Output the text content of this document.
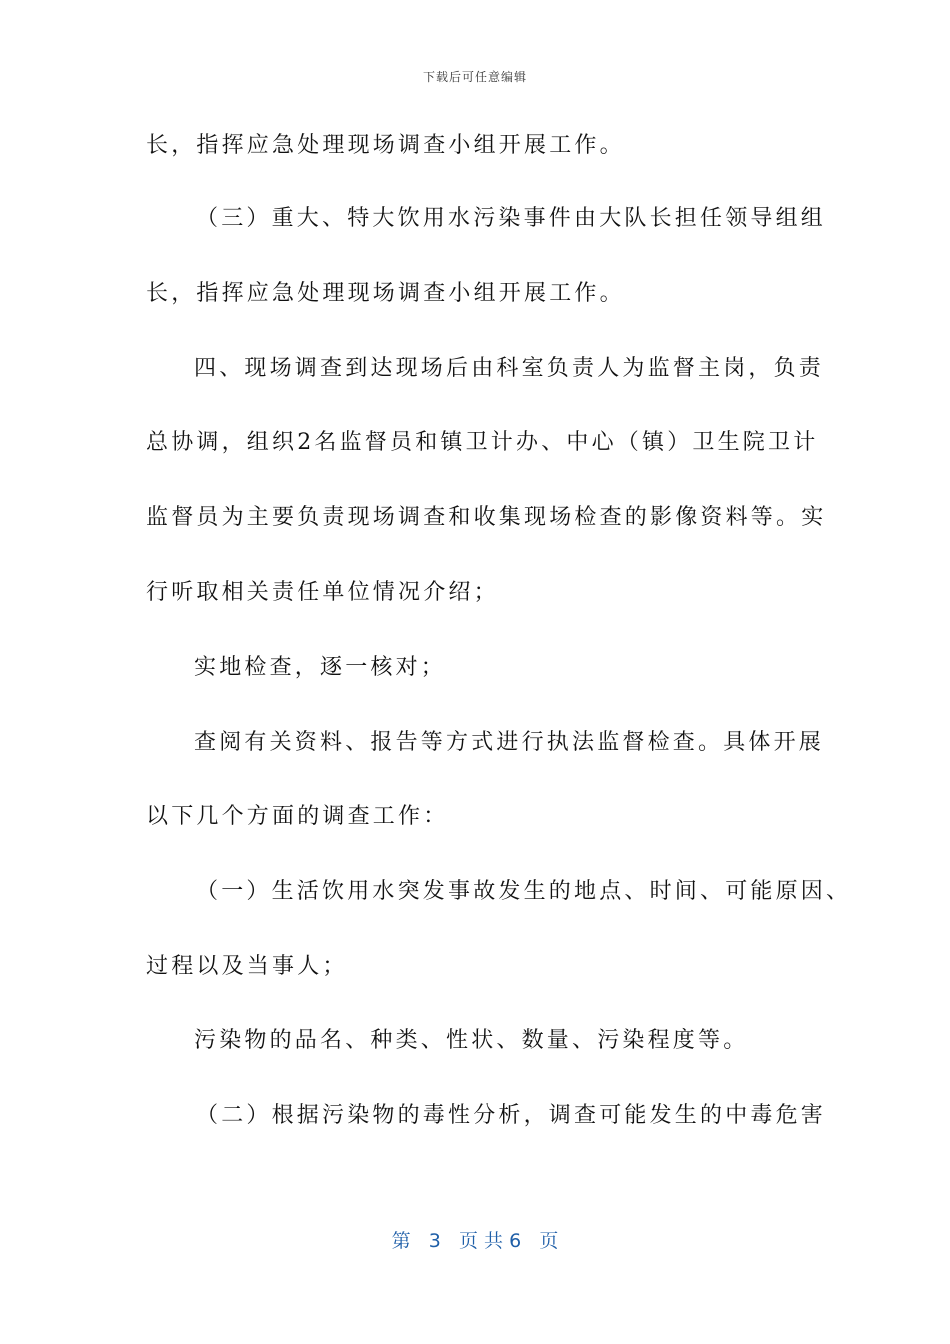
下载后可任意编辑
长，指挥应急处理现场调查小组开展工作。
（三）重大、特大饮用水污染事件由大队长担任领导组组
长，指挥应急处理现场调查小组开展工作。
四、现场调查到达现场后由科室负责人为监督主岗，负责
总协调，组织2名监督员和镇卫计办、中心（镇）卫生院卫计
监督员为主要负责现场调查和收集现场检查的影像资料等。实
行听取相关责任单位情况介绍；
实地检查，逐一核对；
查阅有关资料、报告等方式进行执法监督检查。具体开展
以下几个方面的调查工作：
（一）生活饮用水突发事故发生的地点、时间、可能原因、
过程以及当事人；
污染物的品名、种类、性状、数量、污染程度等。
（二）根据污染物的毒性分析，调查可能发生的中毒危害
第 3 页 共 6 页
